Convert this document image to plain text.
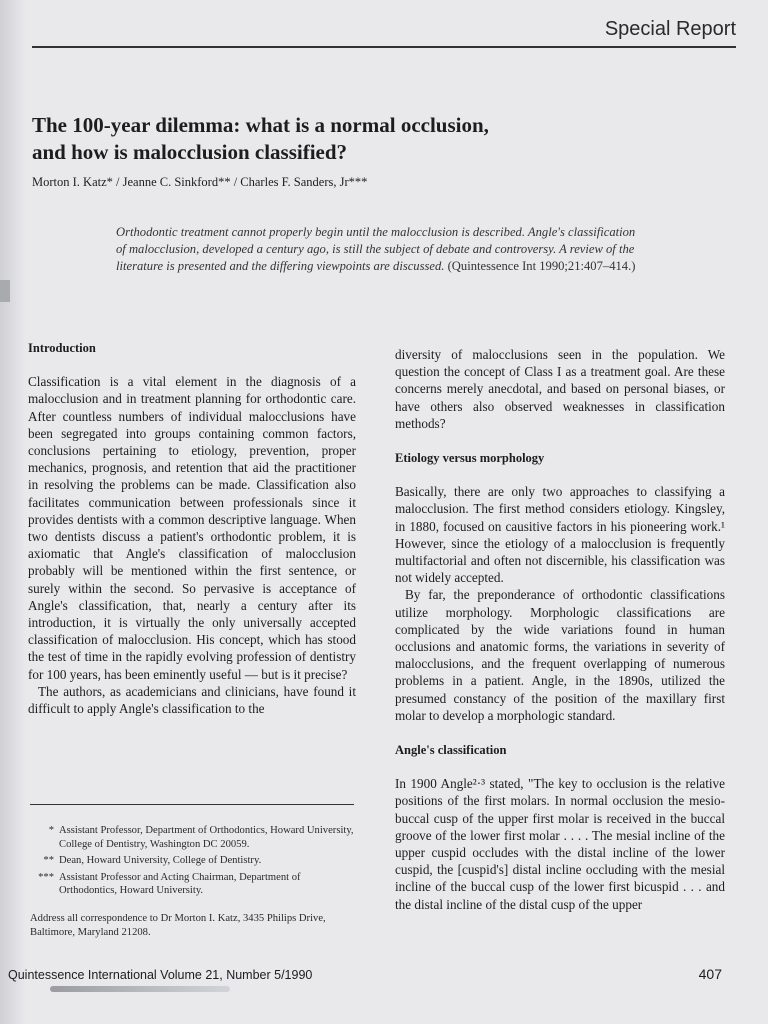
Special Report
The 100-year dilemma: what is a normal occlusion,
and how is malocclusion classified?
Morton I. Katz* / Jeanne C. Sinkford** / Charles F. Sanders, Jr***
Orthodontic treatment cannot properly begin until the malocclusion is described. Angle's classification of malocclusion, developed a century ago, is still the subject of debate and controversy. A review of the literature is presented and the differing viewpoints are discussed. (Quintessence Int 1990;21:407–414.)
Introduction

Classification is a vital element in the diagnosis of a malocclusion and in treatment planning for orthodontic care. After countless numbers of individual malocclusions have been segregated into groups containing common factors, conclusions pertaining to etiology, prevention, proper mechanics, prognosis, and retention that aid the practitioner in resolving the problems can be made. Classification also facilitates communication between professionals since it provides dentists with a common descriptive language. When two dentists discuss a patient's orthodontic problem, it is axiomatic that Angle's classification of malocclusion probably will be mentioned within the first sentence, or surely within the second. So pervasive is acceptance of Angle's classification, that, nearly a century after its introduction, it is virtually the only universally accepted classification of malocclusion. His concept, which has stood the test of time in the rapidly evolving profession of dentistry for 100 years, has been eminently useful — but is it precise?

The authors, as academicians and clinicians, have found it difficult to apply Angle's classification to the

diversity of malocclusions seen in the population. We question the concept of Class I as a treatment goal. Are these concerns merely anecdotal, and based on personal biases, or have others also observed weaknesses in classification methods?

Etiology versus morphology

Basically, there are only two approaches to classifying a malocclusion. The first method considers etiology. Kingsley, in 1880, focused on causitive factors in his pioneering work.¹ However, since the etiology of a malocclusion is frequently multifactorial and often not discernible, his classification was not widely accepted.

By far, the preponderance of orthodontic classifications utilize morphology. Morphologic classifications are complicated by the wide variations found in human occlusions and anatomic forms, the variations in severity of malocclusions, and the frequent overlapping of numerous problems in a patient. Angle, in the 1890s, utilized the presumed constancy of the position of the maxillary first molar to develop a morphologic standard.

Angle's classification

In 1900 Angle²·³ stated, "The key to occlusion is the relative positions of the first molars. In normal occlusion the mesio-buccal cusp of the upper first molar is received in the buccal groove of the lower first molar . . . . The mesial incline of the upper cuspid occludes with the distal incline of the lower cuspid, the [cuspid's] distal incline occluding with the mesial incline of the buccal cusp of the lower first bicuspid . . . and the distal incline of the distal cusp of the upper

* Assistant Professor, Department of Orthodontics, Howard University, College of Dentistry, Washington DC 20059.
** Dean, Howard University, College of Dentistry.
*** Assistant Professor and Acting Chairman, Department of Orthodontics, Howard University.
Address all correspondence to Dr Morton I. Katz, 3435 Philips Drive, Baltimore, Maryland 21208.
Quintessence International Volume 21, Number 5/1990	407
